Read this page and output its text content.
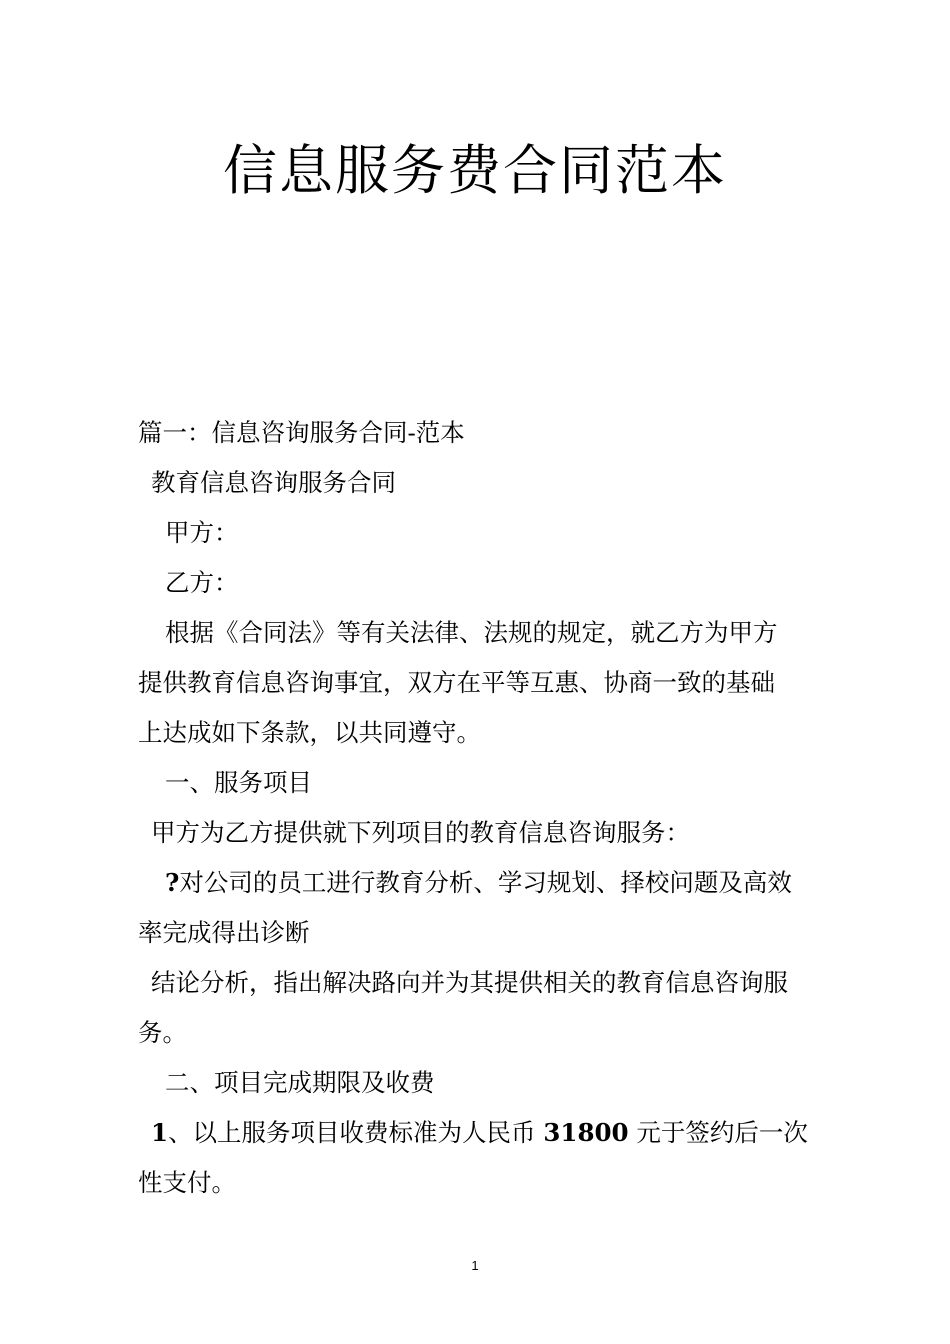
信息服务费合同范本
篇一：信息咨询服务合同-范本
教育信息咨询服务合同
甲方：
乙方：
根据《合同法》等有关法律、法规的规定，就乙方为甲方
提供教育信息咨询事宜，双方在平等互惠、协商一致的基础
上达成如下条款，以共同遵守。
一、服务项目
甲方为乙方提供就下列项目的教育信息咨询服务：
?对公司的员工进行教育分析、学习规划、择校问题及高效
率完成得出诊断
结论分析，指出解决路向并为其提供相关的教育信息咨询服
务。
二、项目完成期限及收费
1、以上服务项目收费标准为人民币 31800 元于签约后一次
性支付。
1
